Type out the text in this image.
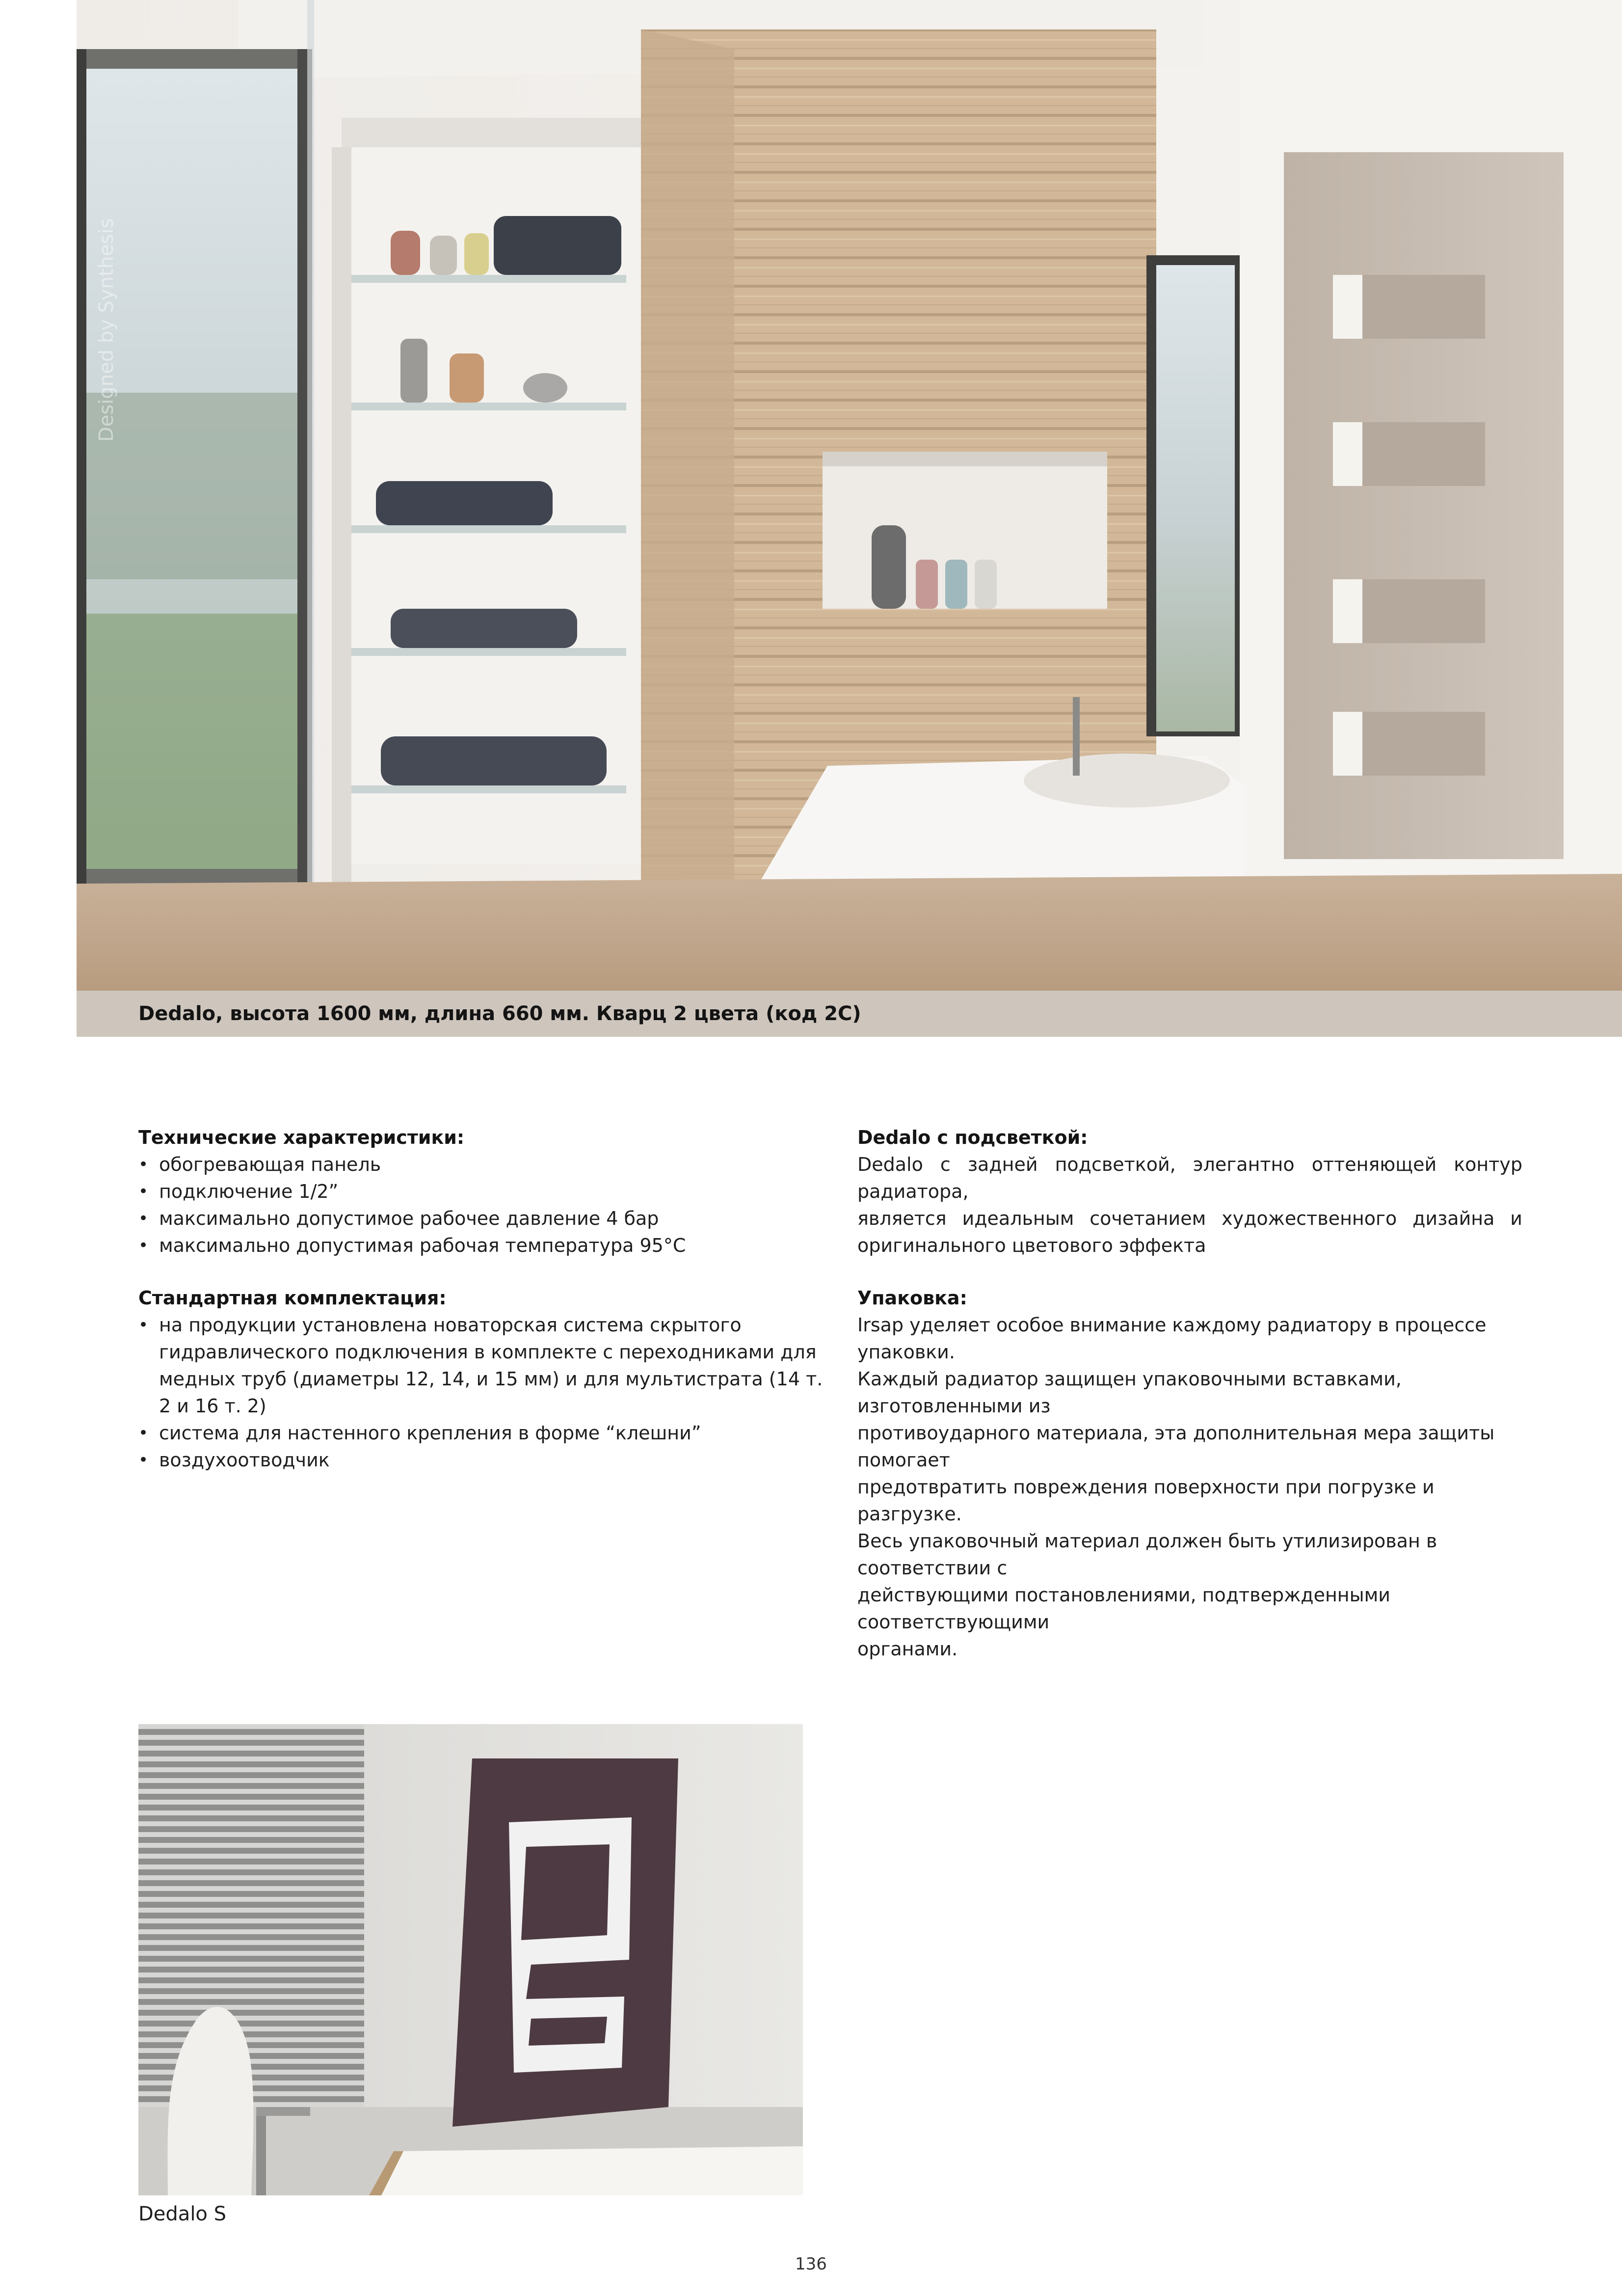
Designed by Synthesis
Dedalo, высота 1600 мм, длина 660 мм. Кварц 2 цвета (код 2С)
Технические характеристики:
• обогревающая панель
• подключение 1/2”
• максимально допустимое рабочее давление 4 бар
• максимально допустимая рабочая температура 95°C
Стандартная комплектация:
• на продукции установлена новаторская система скрытого
гидравлического подключения в комплекте с переходниками для
медных труб (диаметры 12, 14, и 15 мм) и для мультистрата (14 т. 2 и 16 т. 2)
• система для настенного крепления в форме “клешни”
• воздухоотводчик
Dedalo с подсветкой:
Dedalo с задней подсветкой, элегантно оттеняющей контур радиатора,
является идеальным сочетанием художественного дизайна и
оригинального цветового эффекта
Упаковка:
Irsap уделяет особое внимание каждому радиатору в процессе упаковки.
Каждый радиатор защищен упаковочными вставками, изготовленными из
противоударного материала, эта дополнительная мера защиты помогает
предотвратить повреждения поверхности при погрузке и разгрузке.
Весь упаковочный материал должен быть утилизирован в соответствии с
действующими постановлениями, подтвержденными соответствующими
органами.
Dedalo S
136
